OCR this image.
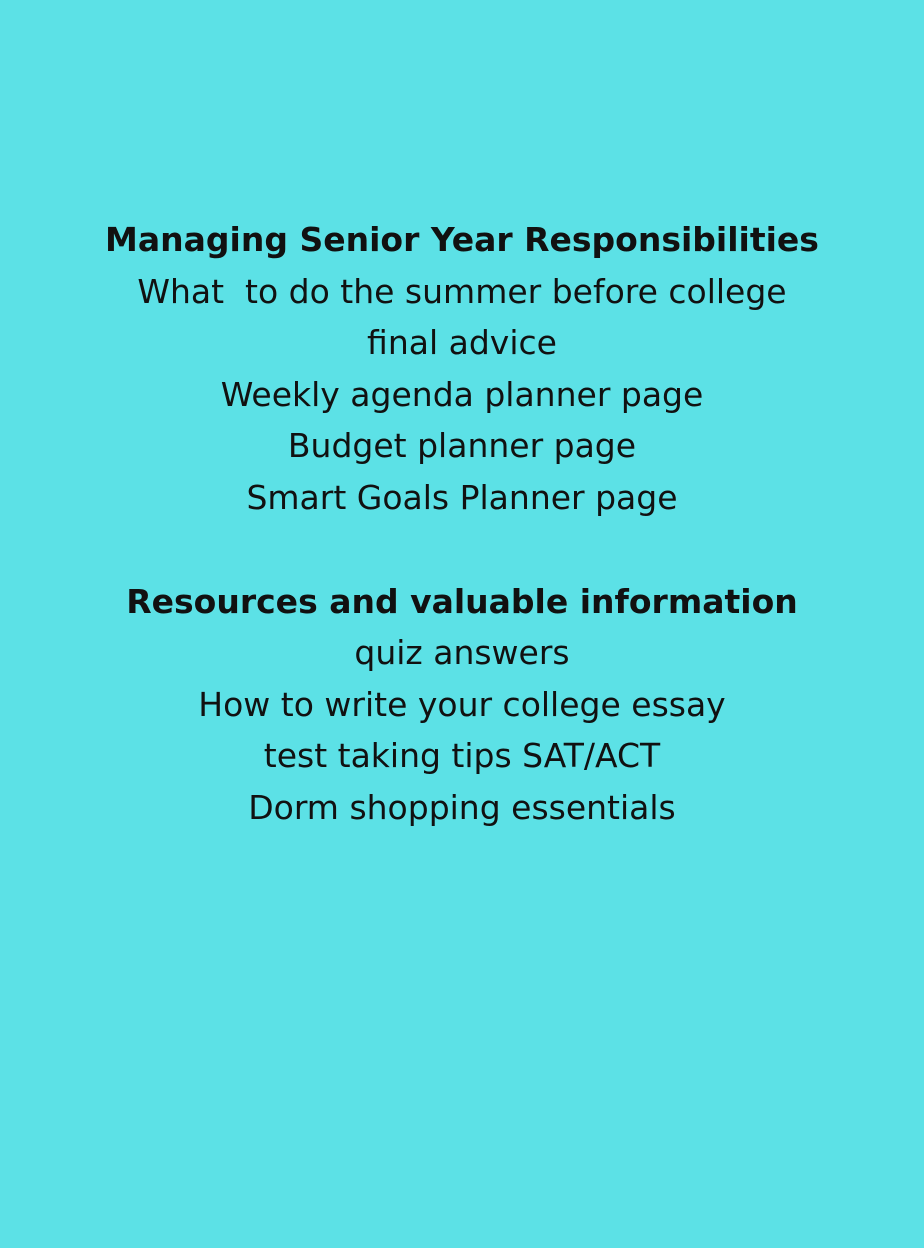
Managing Senior Year Responsibilities

What  to do the summer before college

final advice

Weekly agenda planner page

Budget planner page

Smart Goals Planner page

Resources and valuable information

quiz answers

How to write your college essay

test taking tips SAT/ACT

Dorm shopping essentials
